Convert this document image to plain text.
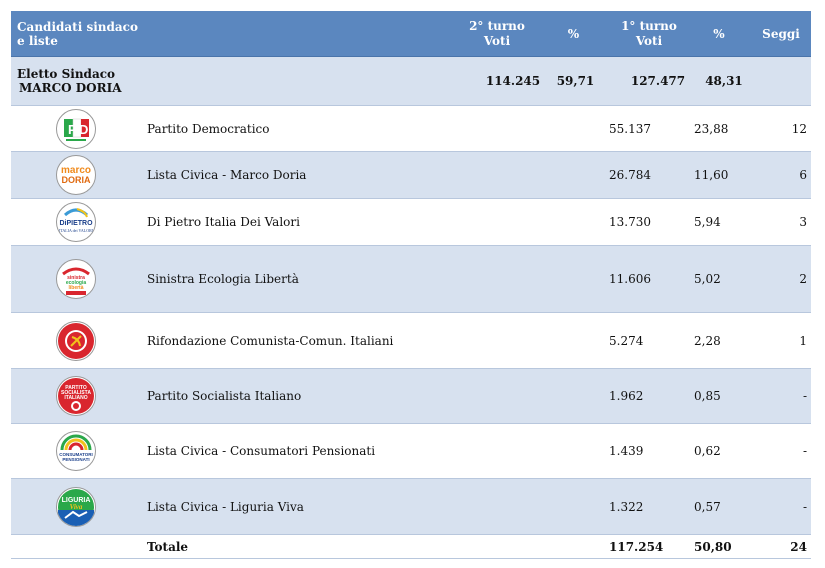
Candidati sindaco e liste
2° turno Voti	%
1° turno Voti	%	Seggi
Eletto Sindaco
MARCO DORIA
114.245	59,71	127.477	48,31
P D	Partito Democratico	55.137	23,88	12
marco
DORIA	Lista Civica - Marco Doria	26.784	11,60	6
DiPIETRO
ITALIA dei VALORI
Di Pietro Italia Dei Valori	13.730	5,94	3
sinistra
ecologia
libertà
Sinistra Ecologia Libertà	11.606	5,02	2
Rifondazione Comunista-Comun. Italiani	5.274	2,28	1
PARTITO
SOCIALISTA
ITALIANO	Partito Socialista Italiano	1.962	0,85	-
CONSUMATORI
PENSIONATI
Lista Civica - Consumatori Pensionati	1.439	0,62	-
LIGURIA
Viva	Lista Civica - Liguria Viva	1.322	0,57	-
Totale	117.254	50,80	24
